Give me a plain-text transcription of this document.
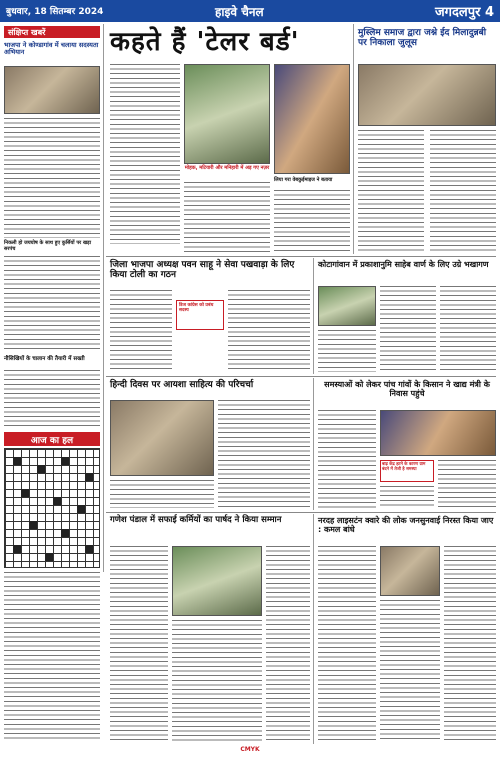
बुधवार, 18 सितम्बर 2024	हाइवे चैनल	जगदलपुर 4
संक्षिप्त खबरें
भाजपा ने कोण्डागांव में चलाया सदस्यता अभियान
निकली हो जयघोष के साथ हुए कुर्सियों पर खड़ा सरपंच
नौसिखियों के चालान की तैयारी में सख्ती
आज का हल
कहते हैं 'टेलर बर्ड'
मोहक, मटियारी और मनिहारी में अड़ गए नज़र
लिया गरा वेबकुईमाइज ने बताया
मुस्लिम समाज द्वारा जश्ने ईद मिलादुन्नबी पर निकाला जुलूस
जिला भाजपा अध्यक्ष पवन साहू ने सेवा पखवाड़ा के लिए किया टोली का गठन
डिज कांग्रेस को प्रबंध सदस्य
कोटागांवान में प्रकाशानुमि साहेब वार्ण के लिए उग्रे भखागण
हिन्दी दिवस पर आयशा साहित्य की परिचर्चा	समस्याओं को लेकर पांच गांवों के किसान ने खाद्य मंत्री के निवास पहुंचे
बाढ़ केंद्र हटने के कारण ग्राम बंदने में तेजी है समस्या
गणेश पंडाल में सफाई कर्मियों का पार्षद ने किया सम्मान	नरदह लाइसटंन क्वारे की लोक जनसुनवाई निरस्त किया जाए : कमल बांधे
CMYK
